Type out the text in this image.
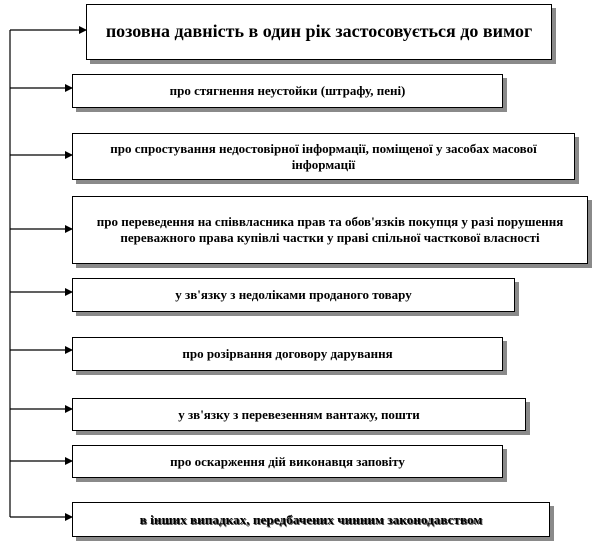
позовна давність в один рік застосовується до вимог
про стягнення неустойки (штрафу, пені)
про спростування недостовірної інформації, поміщеної у засобах масової інформації
про переведення на співвласника прав та обов'язків покупця у разі порушення переважного права купівлі частки у праві спільної часткової власності
у зв'язку з недоліками проданого товару
про розірвання договору дарування
у зв'язку з перевезенням вантажу, пошти
про оскарження дій виконавця заповіту
в інших випадках, передбачених чинним законодавством
